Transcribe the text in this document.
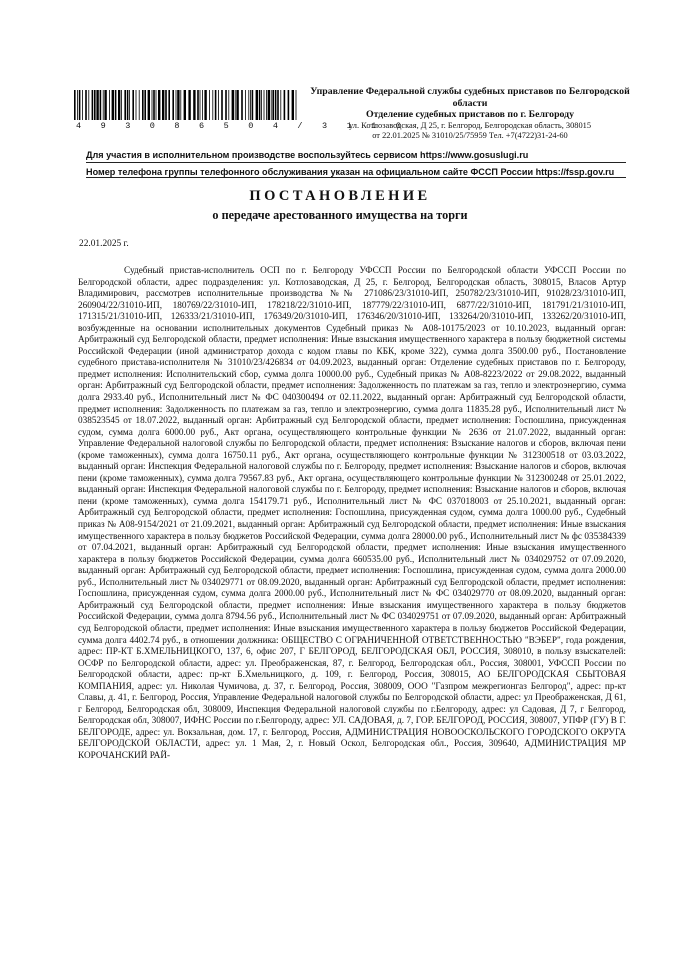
4 9 3 0 8 6 5 0 4 / 3 1 1 0
Управление Федеральной службы судебных приставов по Белгородской области
Отделение судебных приставов по г. Белгороду
ул. Котлозаводская, Д 25, г. Белгород, Белгородская область, 308015
от 22.01.2025 № 31010/25/75959 Тел. +7(4722)31-24-60
Для участия в исполнительном производстве воспользуйтесь сервисом https://www.gosuslugi.ru
Номер телефона группы телефонного обслуживания указан на официальном сайте ФССП России https://fssp.gov.ru
ПОСТАНОВЛЕНИЕ
о передаче арестованного имущества на торги
22.01.2025 г.
Судебный пристав-исполнитель ОСП по г. Белгороду УФССП России по Белгородской области УФССП России по Белгородской области, адрес подразделения: ул. Котлозаводская, Д 25, г. Белгород, Белгородская область, 308015, Власов Артур Владимирович, рассмотрев исполнительные производства №№ 271086/23/31010-ИП, 250782/23/31010-ИП, 91028/23/31010-ИП, 260904/22/31010-ИП, 180769/22/31010-ИП, 178218/22/31010-ИП, 187779/22/31010-ИП, 6877/22/31010-ИП, 181791/21/31010-ИП, 171315/21/31010-ИП, 126333/21/31010-ИП, 176349/20/31010-ИП, 176346/20/31010-ИП, 133264/20/31010-ИП, 133262/20/31010-ИП, возбужденные на основании исполнительных документов Судебный приказ № А08-10175/2023 от 10.10.2023, выданный орган: Арбитражный суд Белгородской области, предмет исполнения: Иные взыскания имущественного характера в пользу бюджетной системы Российской Федерации (иной администратор дохода с кодом главы по КБК, кроме 322), сумма долга 3500.00 руб., Постановление судебного пристава-исполнителя № 31010/23/426834 от 04.09.2023, выданный орган: Отделение судебных приставов по г. Белгороду, предмет исполнения: Исполнительский сбор, сумма долга 10000.00 руб., Судебный приказ № А08-8223/2022 от 29.08.2022, выданный орган: Арбитражный суд Белгородской области, предмет исполнения: Задолженность по платежам за газ, тепло и электроэнергию, сумма долга 2933.40 руб., Исполнительный лист № ФС 040300494 от 02.11.2022, выданный орган: Арбитражный суд Белгородской области, предмет исполнения: Задолженность по платежам за газ, тепло и электроэнергию, сумма долга 11835.28 руб., Исполнительный лист № 038523545 от 18.07.2022, выданный орган: Арбитражный суд Белгородской области, предмет исполнения: Госпошлина, присужденная судом, сумма долга 6000.00 руб., Акт органа, осуществляющего контрольные функции № 2636 от 21.07.2022, выданный орган: Управление Федеральной налоговой службы по Белгородской области, предмет исполнения: Взыскание налогов и сборов, включая пени (кроме таможенных), сумма долга 16750.11 руб., Акт органа, осуществляющего контрольные функции № 312300518 от 03.03.2022, выданный орган: Инспекция Федеральной налоговой службы по г. Белгороду, предмет исполнения: Взыскание налогов и сборов, включая пени (кроме таможенных), сумма долга 79567.83 руб., Акт органа, осуществляющего контрольные функции № 312300248 от 25.01.2022, выданный орган: Инспекция Федеральной налоговой службы по г. Белгороду, предмет исполнения: Взыскание налогов и сборов, включая пени (кроме таможенных), сумма долга 154179.71 руб., Исполнительный лист № ФС 037018003 от 25.10.2021, выданный орган: Арбитражный суд Белгородской области, предмет исполнения: Госпошлина, присужденная судом, сумма долга 1000.00 руб., Судебный приказ № А08-9154/2021 от 21.09.2021, выданный орган: Арбитражный суд Белгородской области, предмет исполнения: Иные взыскания имущественного характера в пользу бюджетов Российской Федерации, сумма долга 28000.00 руб., Исполнительный лист № фс 035384339 от 07.04.2021, выданный орган: Арбитражный суд Белгородской области, предмет исполнения: Иные взыскания имущественного характера в пользу бюджетов Российской Федерации, сумма долга 660535.00 руб., Исполнительный лист № 034029752 от 07.09.2020, выданный орган: Арбитражный суд Белгородской области, предмет исполнения: Госпошлина, присужденная судом, сумма долга 2000.00 руб., Исполнительный лист № 034029771 от 08.09.2020, выданный орган: Арбитражный суд Белгородской области, предмет исполнения: Госпошлина, присужденная судом, сумма долга 2000.00 руб., Исполнительный лист № ФС 034029770 от 08.09.2020, выданный орган: Арбитражный суд Белгородской области, предмет исполнения: Иные взыскания имущественного характера в пользу бюджетов Российской Федерации, сумма долга 8794.56 руб., Исполнительный лист № ФС 034029751 от 07.09.2020, выданный орган: Арбитражный суд Белгородской области, предмет исполнения: Иные взыскания имущественного характера в пользу бюджетов Российской Федерации, сумма долга 4402.74 руб., в отношении должника: ОБЩЕСТВО С ОГРАНИЧЕННОЙ ОТВЕТСТВЕННОСТЬЮ "ВЭБЕР", года рождения, адрес: ПР-КТ Б.ХМЕЛЬНИЦКОГО, 137, 6, офис 207, Г БЕЛГОРОД, БЕЛГОРОДСКАЯ ОБЛ, РОССИЯ, 308010, в пользу взыскателей: ОСФР по Белгородской области, адрес: ул. Преображенская, 87, г. Белгород, Белгородская обл., Россия, 308001, УФССП России по Белгородской области, адрес: пр-кт Б.Хмельницкого, д. 109, г. Белгород, Россия, 308015, АО БЕЛГОРОДСКАЯ СБЫТОВАЯ КОМПАНИЯ, адрес: ул. Николая Чумичова, д. 37, г. Белгород, Россия, 308009, ООО "Газпром межрегионгаз Белгород", адрес: пр-кт Славы, д. 41, г. Белгород, Россия, Управление Федеральной налоговой службы по Белгородской области, адрес: ул Преображенская, Д 61, г Белгород, Белгородская обл, 308009, Инспекция Федеральной налоговой службы по г.Белгороду, адрес: ул Садовая, Д 7, г Белгород, Белгородская обл, 308007, ИФНС России по г.Белгороду, адрес: УЛ. САДОВАЯ, д. 7, ГОР. БЕЛГОРОД, РОССИЯ, 308007, УПФР (ГУ) В Г. БЕЛГОРОДЕ, адрес: ул. Вокзальная, дом. 17, г. Белгород, Россия, АДМИНИСТРАЦИЯ НОВООСКОЛЬСКОГО ГОРОДСКОГО ОКРУГА БЕЛГОРОДСКОЙ ОБЛАСТИ, адрес: ул. 1 Мая, 2, г. Новый Оскол, Белгородская обл., Россия, 309640, АДМИНИСТРАЦИЯ МР КОРОЧАНСКИЙ РАЙ-
